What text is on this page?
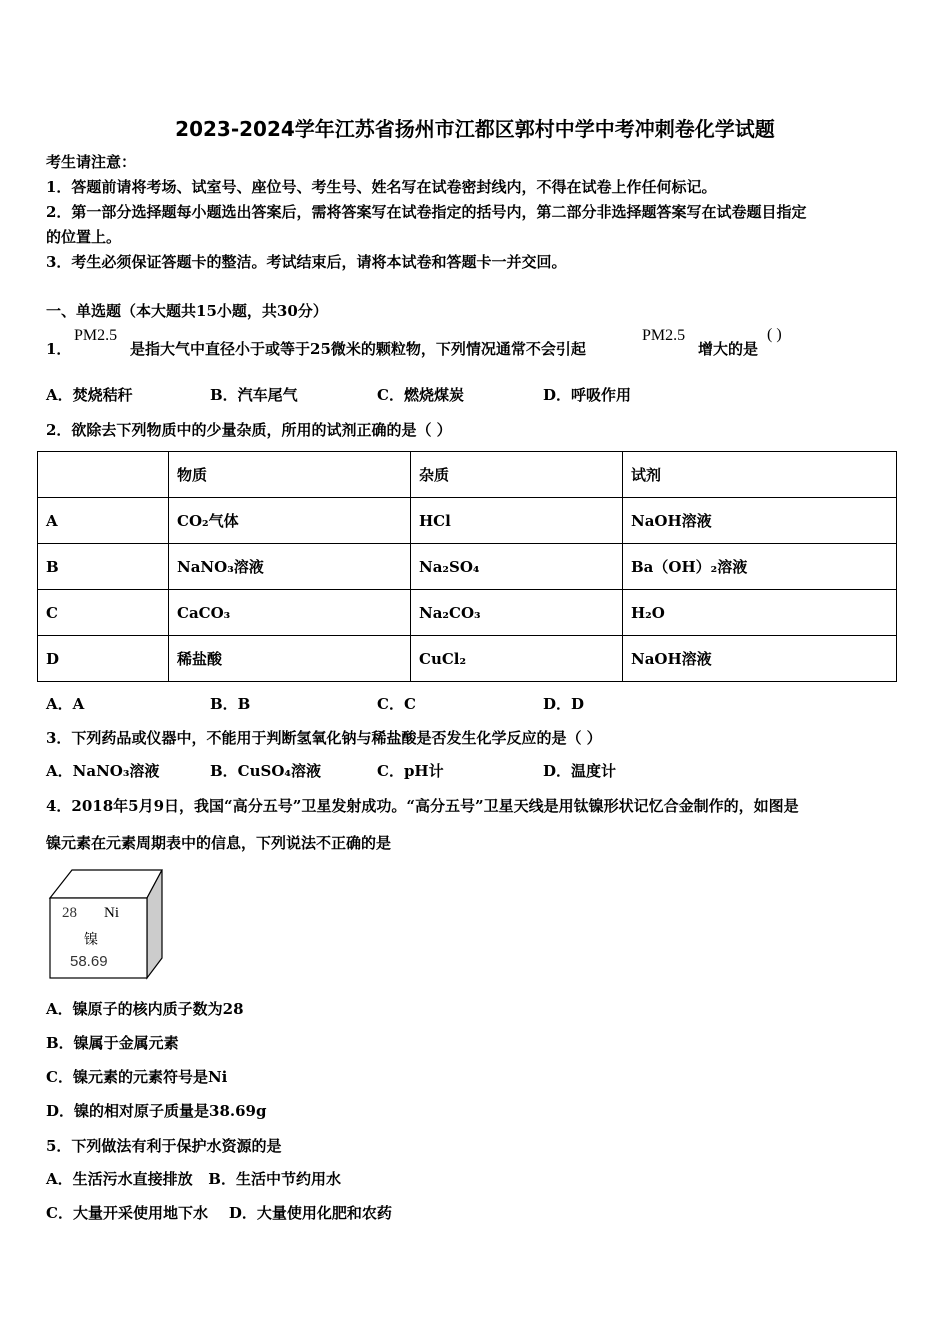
2023-2024学年江苏省扬州市江都区郭村中学中考冲刺卷化学试题
考生请注意：
1．答题前请将考场、试室号、座位号、考生号、姓名写在试卷密封线内，不得在试卷上作任何标记。
2．第一部分选择题每小题选出答案后，需将答案写在试卷指定的括号内，第二部分非选择题答案写在试卷题目指定
的位置上。
3．考生必须保证答题卡的整洁。考试结束后，请将本试卷和答题卡一并交回。
一、单选题（本大题共15小题，共30分）
1．
PM2.5
是指大气中直径小于或等于25微米的颗粒物，下列情况通常不会引起
PM2.5
增大的是
( )
A．焚烧秸秆	B．汽车尾气	C．燃烧煤炭	D．呼吸作用
2．欲除去下列物质中的少量杂质，所用的试剂正确的是（ ）
	物质	杂质	试剂
A	CO₂气体	HCl	NaOH溶液
B	NaNO₃溶液	Na₂SO₄	Ba（OH）₂溶液
C	CaCO₃	Na₂CO₃	H₂O
D	稀盐酸	CuCl₂	NaOH溶液
A．A	B．B	C．C	D．D
3．下列药品或仪器中，不能用于判断氢氧化钠与稀盐酸是否发生化学反应的是（ ）
A．NaNO₃溶液	B．CuSO₄溶液	C．pH计	D．温度计
4．2018年5月9日，我国“高分五号”卫星发射成功。“高分五号”卫星天线是用钛镍形状记忆合金制作的，如图是
镍元素在元素周期表中的信息，下列说法不正确的是
28 Ni
镍
58.69
A．镍原子的核内质子数为28
B．镍属于金属元素
C．镍元素的元素符号是Ni
D．镍的相对原子质量是38.69g
5．下列做法有利于保护水资源的是
A．生活污水直接排放   B．生活中节约用水
C．大量开采使用地下水    D．大量使用化肥和农药
